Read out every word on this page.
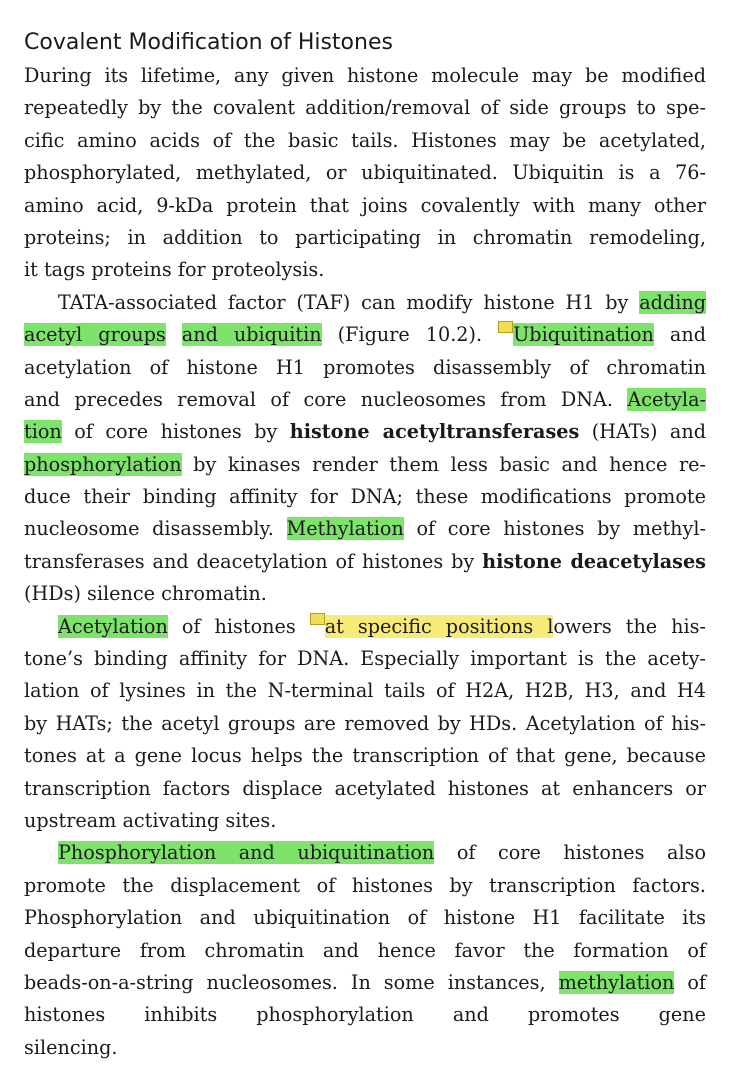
Covalent Modification of Histones
During its lifetime, any given histone molecule may be modified
repeatedly by the covalent addition/removal of side groups to spe-
cific amino acids of the basic tails. Histones may be acetylated,
phosphorylated, methylated, or ubiquitinated. Ubiquitin is a 76-
amino acid, 9-kDa protein that joins covalently with many other
proteins; in addition to participating in chromatin remodeling,
it tags proteins for proteolysis.
TATA-associated factor (TAF) can modify histone H1 by adding
acetyl groups and ubiquitin (Figure 10.2). Ubiquitination and
acetylation of histone H1 promotes disassembly of chromatin
and precedes removal of core nucleosomes from DNA. Acetyla-
tion of core histones by histone acetyltransferases (HATs) and
phosphorylation by kinases render them less basic and hence re-
duce their binding affinity for DNA; these modifications promote
nucleosome disassembly. Methylation of core histones by methyl-
transferases and deacetylation of histones by histone deacetylases
(HDs) silence chromatin.
Acetylation of histones at specific positions lowers the his-
tone’s binding affinity for DNA. Especially important is the acety-
lation of lysines in the N-terminal tails of H2A, H2B, H3, and H4
by HATs; the acetyl groups are removed by HDs. Acetylation of his-
tones at a gene locus helps the transcription of that gene, because
transcription factors displace acetylated histones at enhancers or
upstream activating sites.
Phosphorylation and ubiquitination of core histones also
promote the displacement of histones by transcription factors.
Phosphorylation and ubiquitination of histone H1 facilitate its
departure from chromatin and hence favor the formation of
beads-on-a-string nucleosomes. In some instances, methylation of
histones inhibits phosphorylation and promotes gene
silencing.
